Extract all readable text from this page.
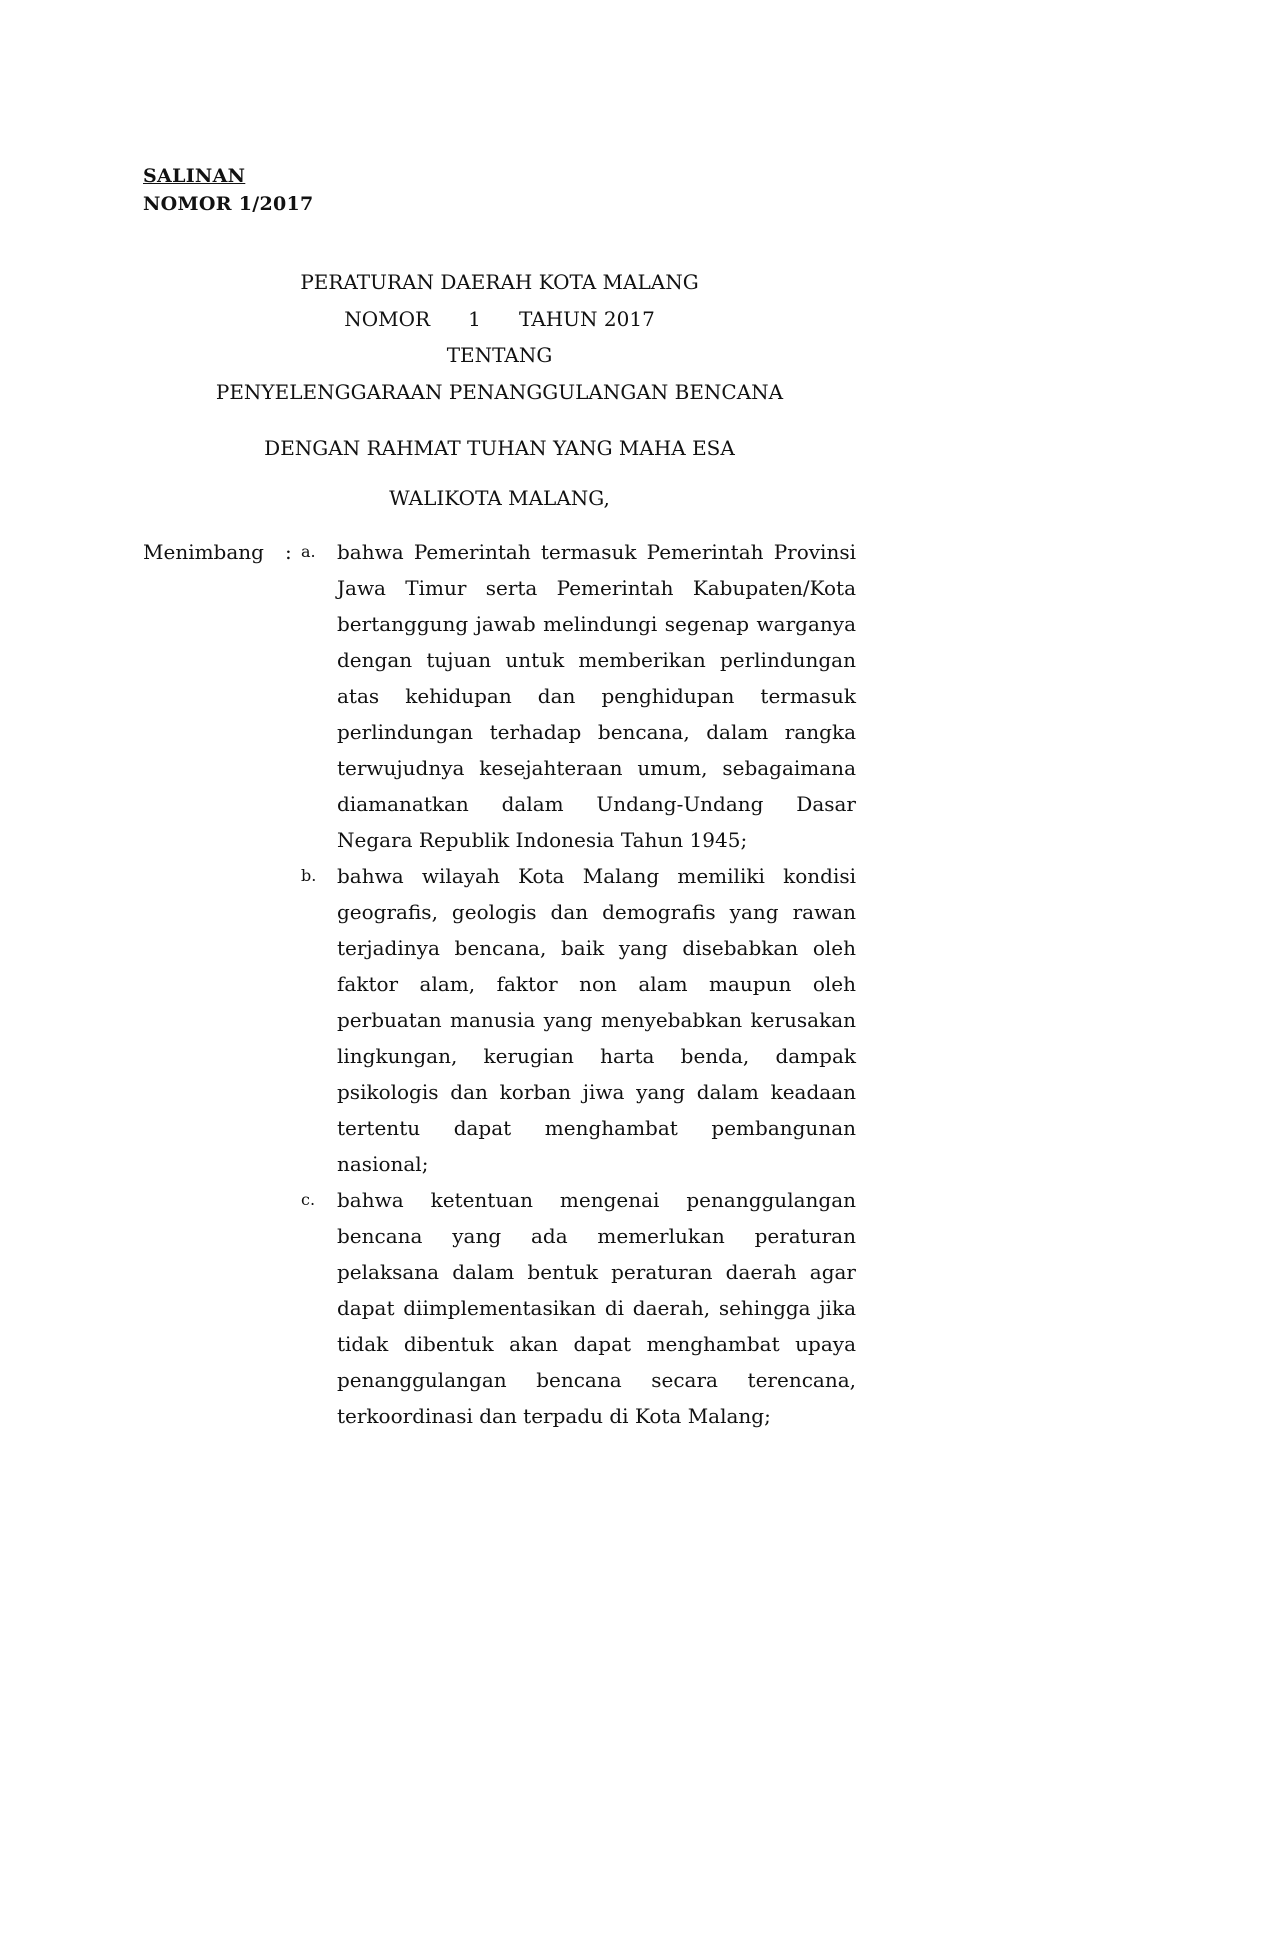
SALINAN
NOMOR 1/2017
PERATURAN DAERAH KOTA MALANG
NOMOR      1      TAHUN 2017
TENTANG
PENYELENGGARAAN PENANGGULANGAN BENCANA
DENGAN RAHMAT TUHAN YANG MAHA ESA
WALIKOTA MALANG,
Menimbang	: a.	bahwa Pemerintah termasuk Pemerintah Provinsi Jawa Timur serta Pemerintah Kabupaten/Kota bertanggung jawab melindungi segenap warganya dengan tujuan untuk memberikan perlindungan atas kehidupan dan penghidupan termasuk perlindungan terhadap bencana, dalam rangka terwujudnya kesejahteraan umum, sebagaimana diamanatkan dalam Undang-Undang Dasar Negara Republik Indonesia Tahun 1945;
b.	bahwa wilayah Kota Malang memiliki kondisi geografis, geologis dan demografis yang rawan terjadinya bencana, baik yang disebabkan oleh faktor alam, faktor non alam maupun oleh perbuatan manusia yang menyebabkan kerusakan lingkungan, kerugian harta benda, dampak psikologis dan korban jiwa yang dalam keadaan tertentu dapat menghambat pembangunan nasional;
c.	bahwa ketentuan mengenai penanggulangan bencana yang ada memerlukan peraturan pelaksana dalam bentuk peraturan daerah agar dapat diimplementasikan di daerah, sehingga jika tidak dibentuk akan dapat menghambat upaya penanggulangan bencana secara terencana, terkoordinasi dan terpadu di Kota Malang;
